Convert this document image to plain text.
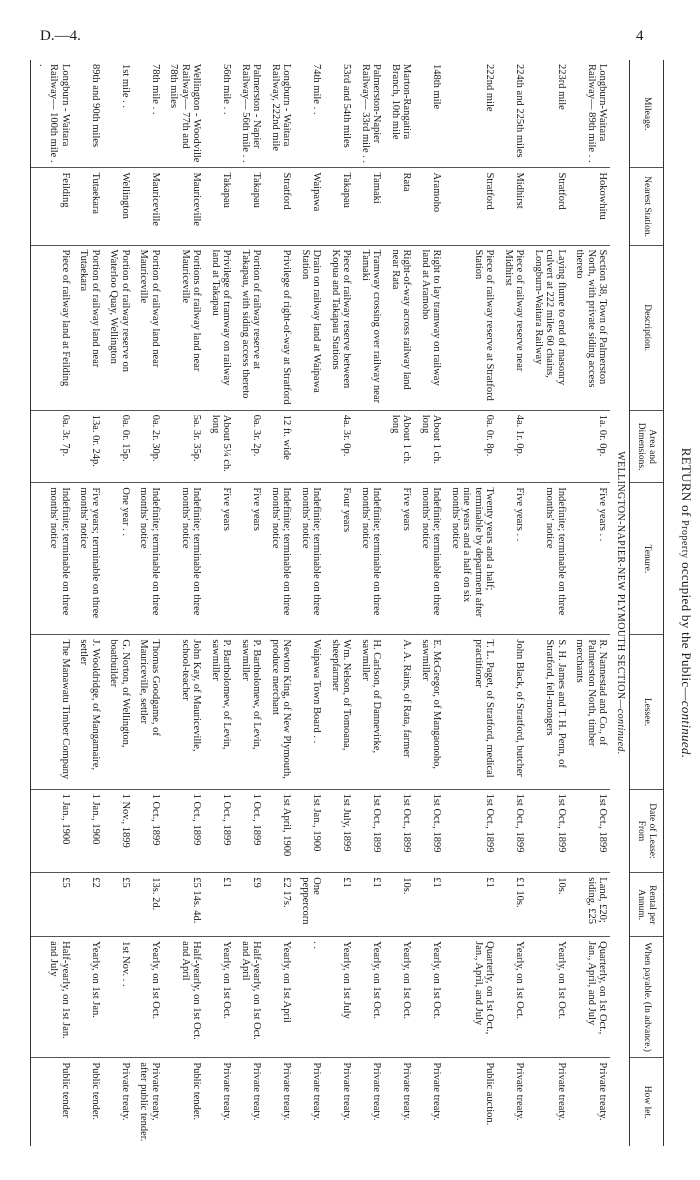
D.—4.	4
RETURN of Property occupied by the Public—continued.
Mileage.	Nearest Station.	Description.	Area and Dimensions.	Tenure.	Lessee.	Date of Lease: From	Rental per Annum.	When payable. (In advance.)	How let.
WELLINGTON-NAPIER-NEW PLYMOUTH SECTION—continued.									
Longburn-Waitara Railway— 89th mile . .	Hokowhitu	Section 38, Town of Palmerston North, with private siding access thereto	1a. 0r. 0p.	Five years . .	R. Nannestad and Co., of Palmerston North, timber merchants	1st Oct., 1899	Land, £20; siding, £25	Quarterly, on 1st Oct., Jan., April, and July	Private treaty.
223rd mile	Stratford	Laying flume to end of masonry culvert at 222 miles 60 chains, Longburn-Waitara Railway		Indefinite; terminable on three months' notice	S. H. James and T. H. Penn, of Stratford, fell-mongers	1st Oct., 1899	10s.	Yearly, on 1st Oct.	Private treaty.
224th and 225th miles	Midhirst	Piece of railway reserve near Midhirst	4a. 1r. 0p.	Five years . .	John Black, of Stratford, butcher	1st Oct., 1899	£1 10s.	Yearly, on 1st Oct.	Private treaty.
222nd mile	Stratford	Piece of railway reserve at Stratford Station	0a. 0r. 8p.	Twenty years and a half; terminable by department after nine years and a half on six months' notice	T. L. Paget, of Stratford, medical practitioner	1st Oct., 1899	£1	Quarterly, on 1st Oct., Jan., April, and July	Public auction.
148th mile	Aramoho	Right to lay tramway on railway land at Aramoho	About 1 ch. long	Indefinite; terminable on three months' notice	E. McGregor, of Mangaonoho, sawmiller	1st Oct., 1899	£1	Yearly, on 1st Oct.	Private treaty.
Marton-Rangatira Branch, 10th mile	Rata	Right-of-way across railway land near Rata	About 1 ch. long	Five years	A. A. Rains, of Rata, farmer	1st Oct., 1899	10s.	Yearly, on 1st Oct.	Private treaty.
Palmerston-Napier Railway— 33rd mile . .	Tamaki	Tramway crossing over railway near Tamaki		Indefinite; terminable on three months' notice	H. Carlson, of Dannevirke, sawmiller	1st Oct., 1899	£1	Yearly, on 1st Oct.	Private treaty.
53rd and 54th miles	Takapau	Piece of railway reserve between Kopua and Takapau Stations	4a. 3r. 0p.	Four years	Wm. Nelson, of Tomoana, sheepfarmer	1st July, 1899	£1	Yearly, on 1st July	Private treaty.
74th mile . .	Waipawa	Drain on railway land at Waipawa Station		Indefinite; terminable on three months' notice	Waipawa Town Board . .	1st Jan., 1900	One peppercorn	. .	Private treaty.
Longburn - Waitara Railway, 222nd mile	Stratford	Privilege of right-of-way at Stratford	12 ft. wide	Indefinite; terminable on three months' notice	Newton King, of New Plymouth, produce merchant	1st April, 1900	£2 17s.	Yearly, on 1st April	Private treaty.
Palmerston - Napier Railway— 56th mile . .	Takapau	Portion of railway reserve at Takapau, with siding access thereto	0a. 3r. 2p.	Five years	P. Bartholomew, of Levin, sawmiller	1 Oct., 1899	£9	Half-yearly, on 1st Oct. and April	Private treaty.
56th mile . .	Takapau	Privilege of tramway on railway land at Takapau	About 5¼ ch. long	Five years	P. Bartholomew, of Levin, sawmiller	1 Oct., 1899	£1	Yearly, on 1st Oct.	Private treaty.
Wellington - Woodville Railway— 77th and 78th miles	Mauriceville	Portions of railway land near Mauriceville	5a. 3r. 35p.	Indefinite; terminable on three months' notice	John Kay, of Mauriceville, school-teacher	1 Oct., 1899	£5 14s. 4d.	Half-yearly, on 1st Oct. and April	Public tender.
78th mile . .	Mauriceville	Portion of railway land near Mauriceville	0a. 2r. 30p.	Indefinite; terminable on three months' notice	Thomas Goodgame, of Mauriceville, settler	1 Oct., 1899	13s. 2d.	Yearly, on 1st Oct.	Private treaty, after public tender.
1st mile . .	Wellington	Portion of railway reserve on Waterloo Quay, Wellington	0a. 0r. 15p.	One year . .	G. Norton, of Wellington, boatbuilder	1 Nov., 1899	£5	1st Nov. . .	Private treaty.
89th and 90th miles	Tutaekara	Portion of railway land near Tutaekara	13a. 0r. 24p.	Five years; terminable on three months' notice	J. Wooldridge, of Mangamaire, settler	1 Jan., 1900	£2	Yearly, on 1st Jan.	Public tender.
Longburn - Waitara Railway— 100th mile . .	Feilding	Piece of railway land at Feilding	0a. 3r. 7p.	Indefinite; terminable on three months' notice	The Manawatu Timber Company	1 Jan., 1900	£5	Half-yearly, on 1st Jan. and July	Public tender
